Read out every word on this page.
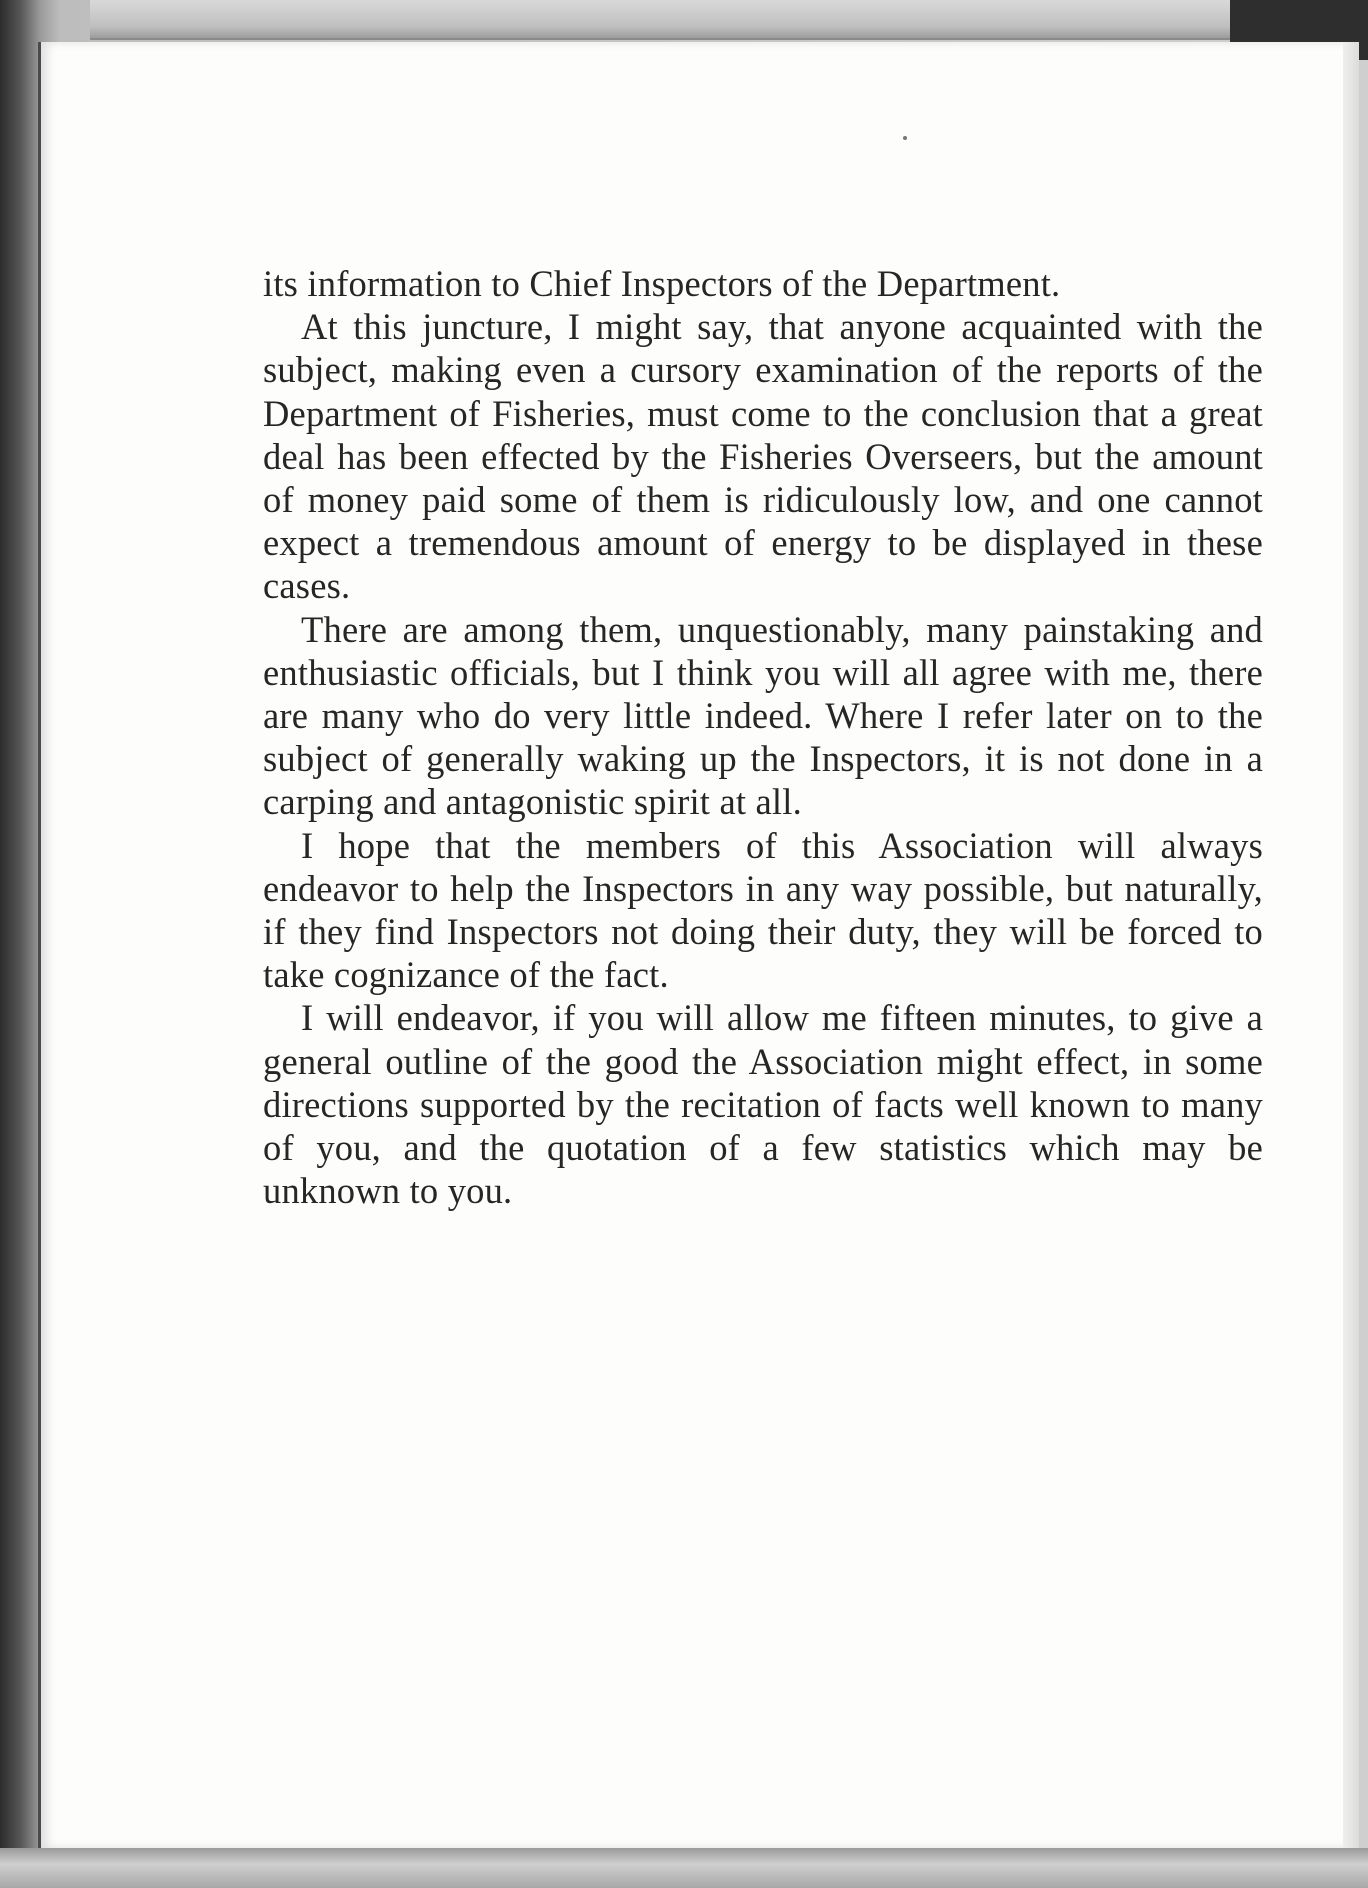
its information to Chief Inspectors of the Department.

At this juncture, I might say, that anyone acquainted with the subject, making even a cursory examination of the reports of the Department of Fisheries, must come to the conclusion that a great deal has been effected by the Fisheries Overseers, but the amount of money paid some of them is ridiculously low, and one cannot expect a tremendous amount of energy to be displayed in these cases.

There are among them, unquestionably, many painstaking and enthusiastic officials, but I think you will all agree with me, there are many who do very little indeed. Where I refer later on to the subject of generally waking up the Inspectors, it is not done in a carping and antagonistic spirit at all.

I hope that the members of this Association will always endeavor to help the Inspectors in any way possible, but naturally, if they find Inspectors not doing their duty, they will be forced to take cognizance of the fact.

I will endeavor, if you will allow me fifteen minutes, to give a general outline of the good the Association might effect, in some directions supported by the recitation of facts well known to many of you, and the quotation of a few statistics which may be unknown to you.
